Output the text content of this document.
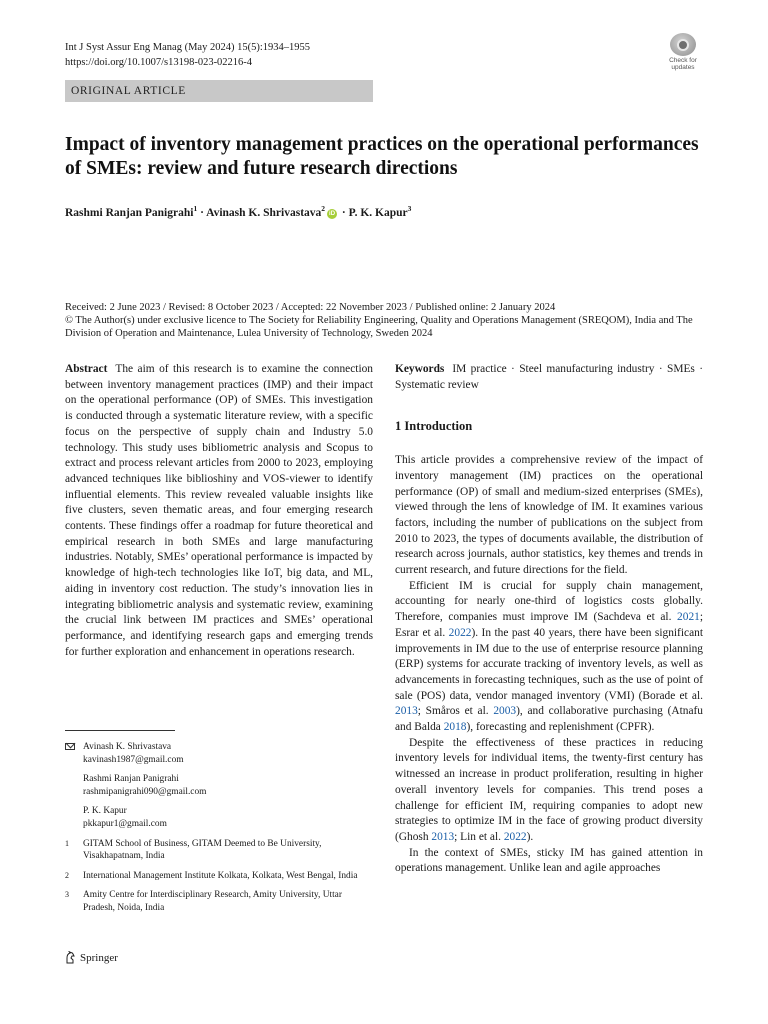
Int J Syst Assur Eng Manag (May 2024) 15(5):1934–1955
https://doi.org/10.1007/s13198-023-02216-4	Check for updates
ORIGINAL ARTICLE
Impact of inventory management practices on the operational performances of SMEs: review and future research directions
Rashmi Ranjan Panigrahi$^1$ · Avinash K. Shrivastava$^2$iD · P. K. Kapur$^3$
Received: 2 June 2023 / Revised: 8 October 2023 / Accepted: 22 November 2023 / Published online: 2 January 2024
© The Author(s) under exclusive licence to The Society for Reliability Engineering, Quality and Operations Management (SREQOM), India and The Division of Operation and Maintenance, Lulea University of Technology, Sweden 2024

Abstract The aim of this research is to examine the connection between inventory management practices (IMP) and their impact on the operational performance (OP) of SMEs. This investigation is conducted through a systematic literature review, with a specific focus on the perspective of supply chain and Industry 5.0 technology. This study uses bibliometric analysis and Scopus to extract and process relevant articles from 2000 to 2023, employing advanced techniques like biblioshiny and VOS-viewer to identify influential elements. This review revealed valuable insights like five clusters, seven thematic areas, and four emerging research contents. These findings offer a roadmap for future theoretical and empirical research in both SMEs and large manufacturing industries. Notably, SMEs’ operational performance is impacted by knowledge of high-tech technologies like IoT, big data, and ML, aiding in inventory cost reduction. The study’s innovation lies in integrating bibliometric analysis and systematic review, examining the crucial link between IM practices and SMEs’ operational performance, and identifying research gaps and emerging trends for further exploration and enhancement in operations research.

Avinash K. Shrivastava
kavinash1987@gmail.com
Rashmi Ranjan Panigrahi
rashmipanigrahi090@gmail.com
P. K. Kapur
pkkapur1@gmail.com
1 GITAM School of Business, GITAM Deemed to Be University, Visakhapatnam, India
2 International Management Institute Kolkata, Kolkata, West Bengal, India
3 Amity Centre for Interdisciplinary Research, Amity University, Uttar Pradesh, Noida, India

Keywords IM practice · Steel manufacturing industry · SMEs · Systematic review

1 Introduction

This article provides a comprehensive review of the impact of inventory management (IM) practices on the operational performance (OP) of small and medium-sized enterprises (SMEs), viewed through the lens of knowledge of IM. It examines various factors, including the number of publications on the subject from 2010 to 2023, the types of documents available, the distribution of research across journals, author statistics, key themes and trends in current research, and future directions for the field.

Efficient IM is crucial for supply chain management, accounting for nearly one-third of logistics costs globally. Therefore, companies must improve IM (Sachdeva et al. 2021; Esrar et al. 2022). In the past 40 years, there have been significant improvements in IM due to the use of enterprise resource planning (ERP) systems for accurate tracking of inventory levels, as well as advancements in forecasting techniques, such as the use of point of sale (POS) data, vendor managed inventory (VMI) (Borade et al. 2013; Småros et al. 2003), and collaborative purchasing (Atnafu and Balda 2018), forecasting and replenishment (CPFR).

Despite the effectiveness of these practices in reducing inventory levels for individual items, the twenty-first century has witnessed an increase in product proliferation, resulting in higher overall inventory levels for companies. This trend poses a challenge for efficient IM, requiring companies to adopt new strategies to optimize IM in the face of growing product diversity (Ghosh 2013; Lin et al. 2022).

In the context of SMEs, sticky IM has gained attention in operations management. Unlike lean and agile approaches

Springer
